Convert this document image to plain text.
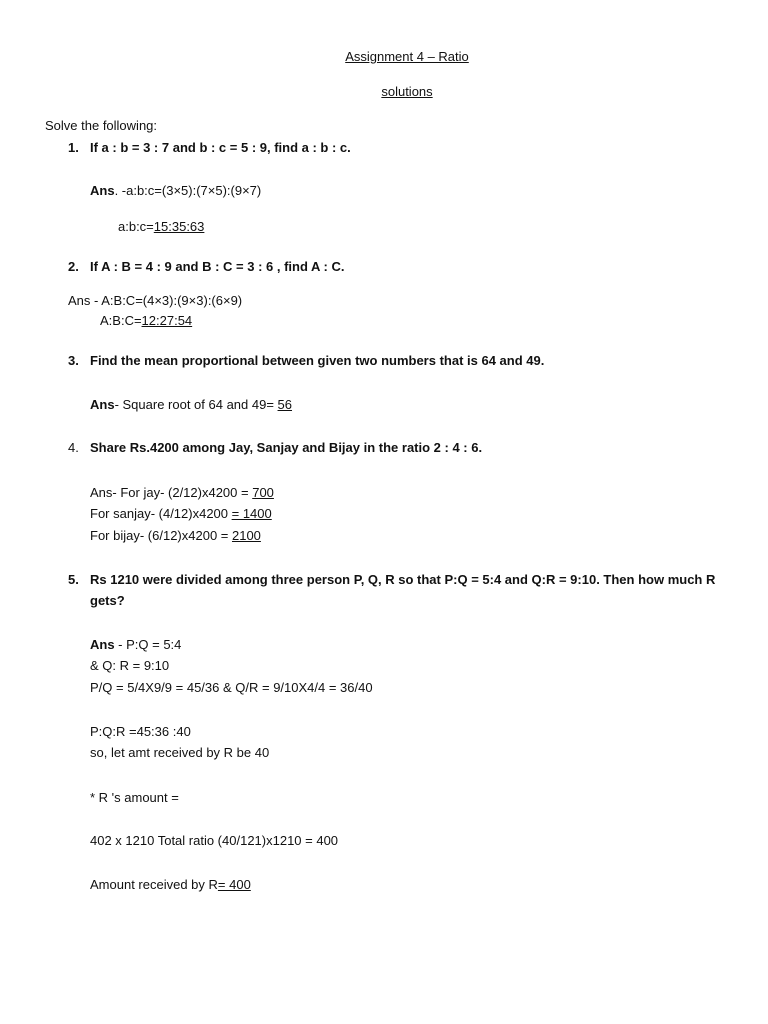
Assignment 4 – Ratio
solutions
Solve the following:
1. If a : b = 3 : 7 and b : c = 5 : 9, find a : b : c.
Ans. -a:b:c=(3×5):(7×5):(9×7)
a:b:c=15:35:63
2. If A : B = 4 : 9 and B : C = 3 : 6 , find A : C.
Ans - A:B:C=(4×3):(9×3):(6×9)
A:B:C=12:27:54
3. Find the mean proportional between given two numbers that is 64 and 49.
Ans- Square root of 64 and 49= 56
4. Share Rs.4200 among Jay, Sanjay and Bijay in the ratio 2 : 4 : 6.
Ans- For jay- (2/12)x4200 = 700
For sanjay- (4/12)x4200 = 1400
For bijay- (6/12)x4200 = 2100
5. Rs 1210 were divided among three person P, Q, R so that P:Q = 5:4 and Q:R = 9:10. Then how much R
gets?
Ans - P:Q = 5:4
& Q: R = 9:10
P/Q = 5/4X9/9 = 45/36 & Q/R = 9/10X4/4 = 36/40
P:Q:R =45:36 :40
so, let amt received by R be 40
* R 's amount =
402 x 1210 Total ratio (40/121)x1210 = 400
Amount received by R= 400
